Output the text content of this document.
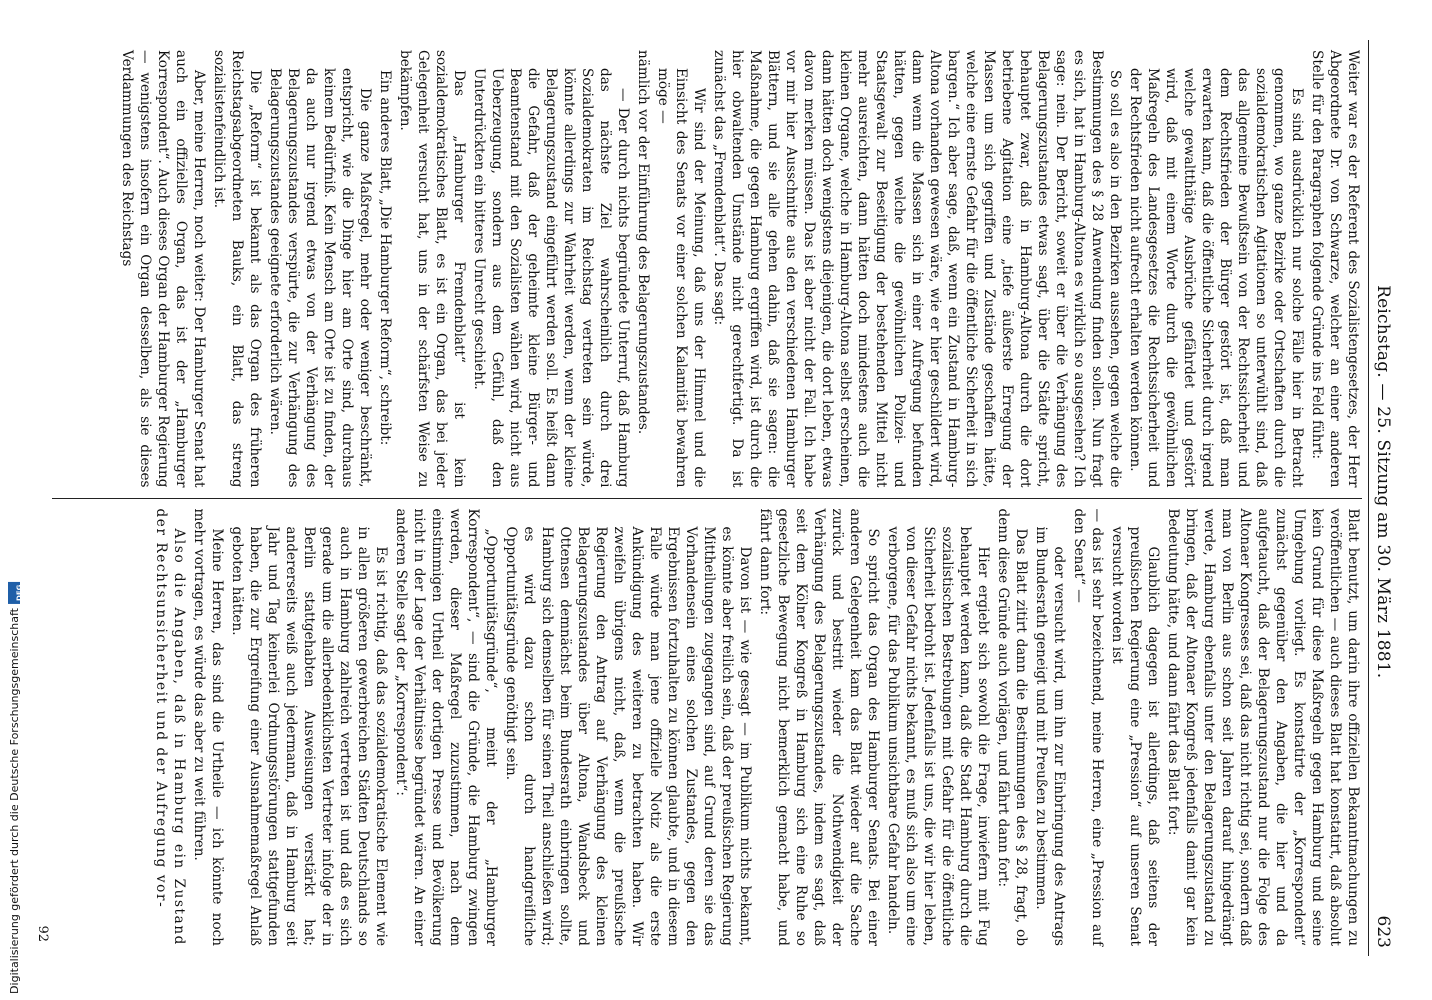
Reichstag. — 25. Sitzung am 30. März 1881.
623

Weiter war es der Referent des Sozialistengesetzes, der Herr Abgeordnete Dr. von Schwarze, welcher an einer anderen Stelle für den Paragraphen folgende Gründe ins Feld führt:

Es sind ausdrücklich nur solche Fälle hier in Betracht genommen, wo ganze Bezirke oder Ortschaften durch die sozialdemokratischen Agitationen so unterwühlt sind, daß das allgemeine Bewußtsein von der Rechtssicherheit und dem Rechtsfrieden der Bürger gestört ist, daß man erwarten kann, daß die öffentliche Sicherheit durch irgend welche gewaltthätige Ausbrüche gefährdet und gestört wird, daß mit einem Worte durch die gewöhnlichen Maßregeln des Landesgesetzes die Rechtssicherheit und der Rechtsfrieden nicht aufrecht erhalten werden können.

So soll es also in den Bezirken aussehen, gegen welche die Bestimmungen des § 28 Anwendung finden sollen. Nun fragt es sich, hat in Hamburg-Altona es wirklich so ausgesehen? Ich sage: nein. Der Bericht, soweit er über die Verhängung des Belagerungszustandes etwas sagt, über die Städte spricht, behauptet zwar, daß in Hamburg-Altona durch die dort betriebene Agitation eine „tiefe äußerste Erregung der Massen um sich gegriffen und Zustände geschaffen hätte, welche eine ernste Gefahr für die öffentliche Sicherheit in sich bargen.“ Ich aber sage, daß, wenn ein Zustand in Hamburg-Altona vorhanden gewesen wäre, wie er hier geschildert wird, dann wenn die Massen sich in einer Aufregung befunden hätten, gegen welche die gewöhnlichen Polizei- und Staatsgewalt zur Beseitigung der bestehenden Mittel nicht mehr ausreichten, dann hätten doch mindestens auch die kleinen Organe, welche in Hamburg-Altona selbst erscheinen, dann hätten doch wenigstens diejenigen, die dort leben, etwas davon merken müssen. Das ist aber nicht der Fall. Ich habe vor mir hier Ausschnitte aus den verschiedenen Hamburger Blättern, und sie alle gehen dahin, daß sie sagen: die Maßnahme, die gegen Hamburg ergriffen wird, ist durch die hier obwaltenden Umstände nicht gerechtfertigt. Da ist zunächst das „Fremdenblatt“. Das sagt:

Wir sind der Meinung, daß uns der Himmel und die Einsicht des Senats vor einer solchen Kalamität bewahren möge —

nämlich vor der Einführung des Belagerungszustandes.

— Der durch nichts begründete Unterruf, daß Hamburg das nächste Ziel wahrscheinlich durch drei Sozialdemokraten im Reichstag vertreten sein würde, könnte allerdings zur Wahrheit werden, wenn der kleine Belagerungszustand eingeführt werden soll. Es heißt dann die Gefahr, daß der geheimte kleine Bürger- und Beamtenstand mit den Sozialisten wählen wird, nicht aus Ueberzeugung, sondern aus dem Gefühl, daß den Unterdrückten ein bitteres Unrecht geschieht.

Das „Hamburger Fremdenblatt“ ist kein sozialdemokratisches Blatt, es ist ein Organ, das bei jeder Gelegenheit versucht hat, uns in der schärfsten Weise zu bekämpfen.

Ein anderes Blatt, „Die Hamburger Reform“, schreibt:

Die ganze Maßregel, mehr oder weniger beschränkt, entspricht, wie die Dinge hier am Orte sind, durchaus keinem Bedürfniß. Kein Mensch am Orte ist zu finden, der da auch nur irgend etwas von der Verhängung des Belagerungszustandes verspürte, die zur Verhängung des Belagerungszustandes geeignete erforderlich wären.

Die „Reform“ ist bekannt als das Organ des früheren Reichstagsabgeordneten Bauks, ein Blatt, das streng sozialistenfeindlich ist.

Aber, meine Herren, noch weiter: Der Hamburger Senat hat auch ein offizielles Organ, das ist der „Hamburger Korrespondent“. Auch dieses Organ der Hamburger Regierung — wenigstens insofern ein Organ desselben, als sie dieses Verdammungen des Reichstags

Blatt benutzt, um darin ihre offiziellen Bekanntmachungen zu veröffentlichen — auch dieses Blatt hat konstatirt, daß absolut kein Grund für diese Maßregeln gegen Hamburg und seine Umgebung vorliegt. Es konstatirte der „Korrespondent“ zunächst gegenüber den Angaben, die hier und da aufgetaucht, daß der Belagerungszustand nur die Folge des Altonaer Kongresses sei, daß das nicht richtig sei, sondern daß man von Berlin aus schon seit Jahren darauf hingedrängt werde, Hamburg ebenfalls unter den Belagerungszustand zu bringen, daß der Altonaer Kongreß jedenfalls damit gar kein Bedeutung hätte, und dann fährt das Blatt fort:

Glaublich dagegen ist allerdings, daß seitens der preußischen Regierung eine „Pression“ auf unseren Senat versucht worden ist

— das ist sehr bezeichnend, meine Herren, eine „Pression auf den Senat“ —

oder versucht wird, um ihn zur Einbringung des Antrags im Bundesrath geneigt und mit Preußen zu bestimmen.

Das Blatt zitirt dann die Bestimmungen des § 28, fragt, ob denn diese Gründe auch vorlägen, und fährt dann fort:

Hier ergiebt sich sowohl die Frage, inwiefern mit Fug behauptet werden kann, daß die Stadt Hamburg durch die sozialistischen Bestrebungen mit Gefahr für die öffentliche Sicherheit bedroht ist. Jedenfalls ist uns, die wir hier leben, von dieser Gefahr nichts bekannt, es muß sich also um eine verborgene, für das Publikum unsichtbare Gefahr handeln.

So spricht das Organ des Hamburger Senats. Bei einer anderen Gelegenheit kam das Blatt wieder auf die Sache zurück und bestritt wieder die Nothwendigkeit der Verhängung des Belagerungszustandes, indem es sagt, daß seit dem Kölner Kongreß in Hamburg sich eine Ruhe so gesetzliche Bewegung nicht bemerklich gemacht habe, und fährt dann fort:

Davon ist — wie gesagt — im Publikum nichts bekannt, es könnte aber freilich sein, daß der preußischen Regierung Mittheilungen zugegangen sind, auf Grund deren sie das Vorhandensein eines solchen Zustandes, gegen den Ergebnissen fortzuhalten zu können glaubte, und in diesem Falle würde man jene offizielle Notiz als die erste Ankündigung des weiteren zu betrachten haben. Wir zweifeln übrigens nicht, daß, wenn die preußische Regierung den Antrag auf Verhängung des kleinen Belagerungszustandes über Altona, Wandsbeck und Ottensen demnächst beim Bundesrath einbringen sollte, Hamburg sich demselben für seinen Theil anschließen wird; es wird dazu schon durch handgreifliche Opportunitätsgründe genöthigt sein.

„Opportunitätsgründe“, meint der „Hamburger Korrespondent“, — sind die Gründe, die Hamburg zwingen werden, dieser Maßregel zuzustimmen, nach dem einstimmigen Urtheil der dortigen Presse und Bevölkerung nicht in der Lage der Verhältnisse begründet wären. An einer anderen Stelle sagt der „Korrespondent“:

Es ist richtig, daß das sozialdemokratische Element wie in allen größeren gewerbreichen Städten Deutschlands so auch in Hamburg zahlreich vertreten ist und daß es sich gerade um die allerbedenklichsten Vertreter infolge der in Berlin stattgehabten Ausweisungen verstärkt hat; andererseits weiß auch jedermann, daß in Hamburg seit Jahr und Tag keinerlei Ordnungsstörungen stattgefunden haben, die zur Ergreifung einer Ausnahmemaßregel Anlaß geboten hätten.

Meine Herren, das sind die Urtheile — ich könnte noch mehr vortragen, es würde das aber zu weit führen.

Also die Angaben, daß in Hamburg ein Zustand der Rechtsunsicherheit und der Aufregung vor-

92
Digitalisierung gefördert durch die Deutsche Forschungsgemeinschaft
DFG
